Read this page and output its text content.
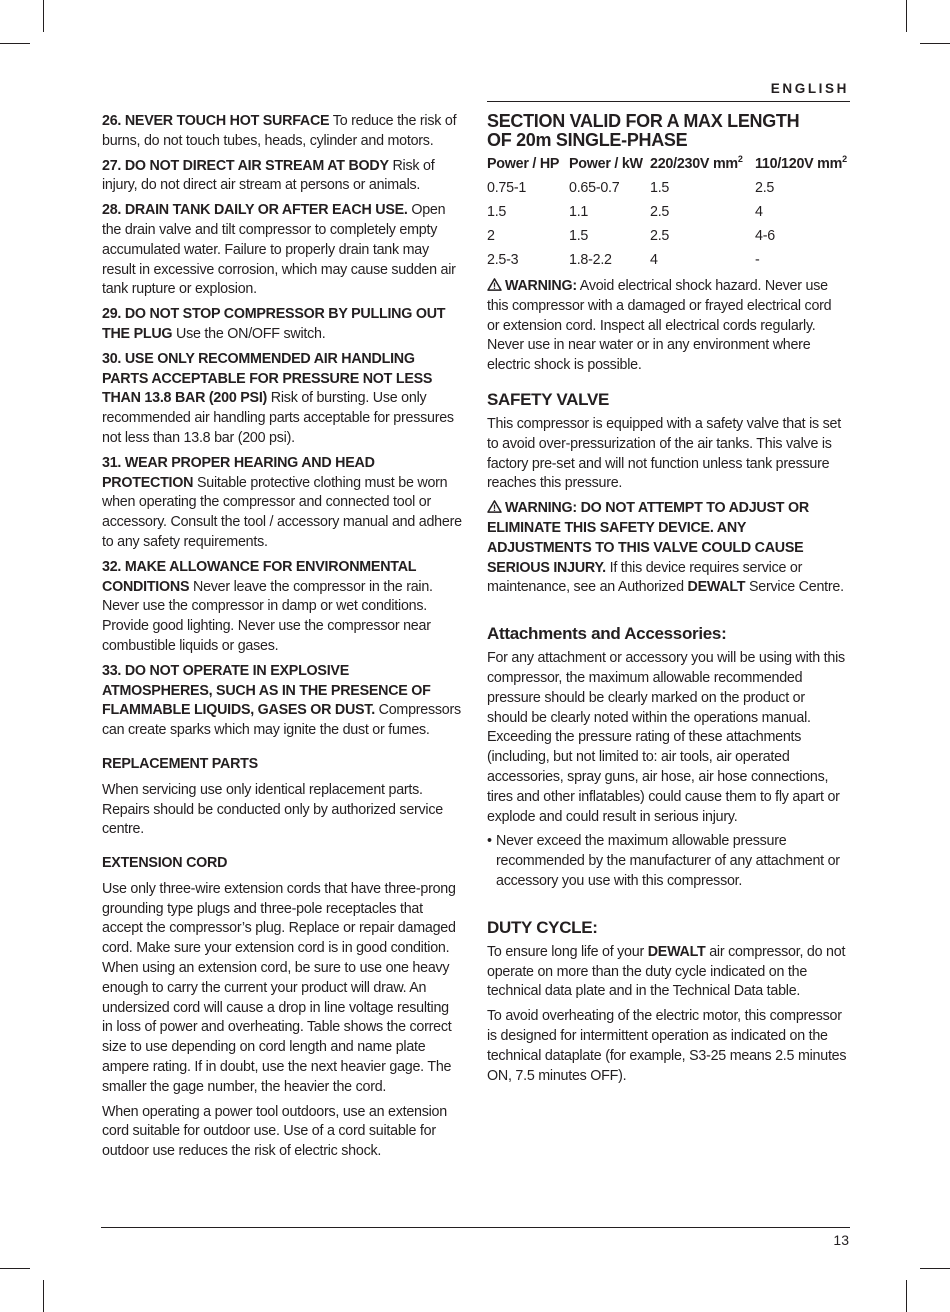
ENGLISH

26. NEVER TOUCH HOT SURFACE To reduce the risk of burns, do not touch tubes, heads, cylinder and motors.

27. DO NOT DIRECT AIR STREAM AT BODY Risk of injury, do not direct air stream at persons or animals.

28. DRAIN TANK DAILY OR AFTER EACH USE. Open the drain valve and tilt compressor to completely empty accumulated water. Failure to properly drain tank may result in excessive corrosion, which may cause sudden air tank rupture or explosion.

29. DO NOT STOP COMPRESSOR BY PULLING OUT THE PLUG Use the ON/OFF switch.

30. USE ONLY RECOMMENDED AIR HANDLING PARTS ACCEPTABLE FOR PRESSURE NOT LESS THAN 13.8 BAR (200 PSI) Risk of bursting. Use only recommended air handling parts acceptable for pressures not less than 13.8 bar (200 psi).

31. WEAR PROPER HEARING AND HEAD PROTECTION Suitable protective clothing must be worn when operating the compressor and connected tool or accessory. Consult the tool / accessory manual and adhere to any safety requirements.

32. MAKE ALLOWANCE FOR ENVIRONMENTAL CONDITIONS Never leave the compressor in the rain. Never use the compressor in damp or wet conditions. Provide good lighting. Never use the compressor near combustible liquids or gases.

33. DO NOT OPERATE IN EXPLOSIVE ATMOSPHERES, SUCH AS IN THE PRESENCE OF FLAMMABLE LIQUIDS, GASES OR DUST. Compressors can create sparks which may ignite the dust or fumes.

REPLACEMENT PARTS

When servicing use only identical replacement parts. Repairs should be conducted only by authorized service centre.

EXTENSION CORD

Use only three-wire extension cords that have three-prong grounding type plugs and three-pole receptacles that accept the compressor’s plug. Replace or repair damaged cord. Make sure your extension cord is in good condition. When using an extension cord, be sure to use one heavy enough to carry the current your product will draw. An undersized cord will cause a drop in line voltage resulting in loss of power and overheating. Table shows the correct size to use depending on cord length and name plate ampere rating. If in doubt, use the next heavier gage. The smaller the gage number, the heavier the cord.

When operating a power tool outdoors, use an extension cord suitable for outdoor use. Use of a cord suitable for outdoor use reduces the risk of electric shock.

SECTION VALID FOR A MAX LENGTH
OF 20m SINGLE-PHASE
Power / HP	Power / kW	220/230V $mm^2$	110/120V $mm^2$
0.75-1	0.65-0.7	1.5	2.5
1.5	1.1	2.5	4
2	1.5	2.5	4-6
2.5-3	1.8-2.2	4	-

WARNING: Avoid electrical shock hazard. Never use this compressor with a damaged or frayed electrical cord or extension cord. Inspect all electrical cords regularly. Never use in near water or in any environment where electric shock is possible.

SAFETY VALVE

This compressor is equipped with a safety valve that is set to avoid over-pressurization of the air tanks. This valve is factory pre-set and will not function unless tank pressure reaches this pressure.

WARNING: DO NOT ATTEMPT TO ADJUST OR ELIMINATE THIS SAFETY DEVICE. ANY ADJUSTMENTS TO THIS VALVE COULD CAUSE SERIOUS INJURY. If this device requires service or maintenance, see an Authorized DEWALT Service Centre.

Attachments and Accessories:

For any attachment or accessory you will be using with this compressor, the maximum allowable recommended pressure should be clearly marked on the product or should be clearly noted within the operations manual. Exceeding the pressure rating of these attachments (including, but not limited to: air tools, air operated accessories, spray guns, air hose, air hose connections, tires and other inflatables) could cause them to fly apart or explode and could result in serious injury.

• Never exceed the maximum allowable pressure recommended by the manufacturer of any attachment or accessory you use with this compressor.
DUTY CYCLE:

To ensure long life of your DEWALT air compressor, do not operate on more than the duty cycle indicated on the technical data plate and in the Technical Data table.

To avoid overheating of the electric motor, this compressor is designed for intermittent operation as indicated on the technical dataplate (for example, S3-25 means 2.5 minutes ON, 7.5 minutes OFF).

13
